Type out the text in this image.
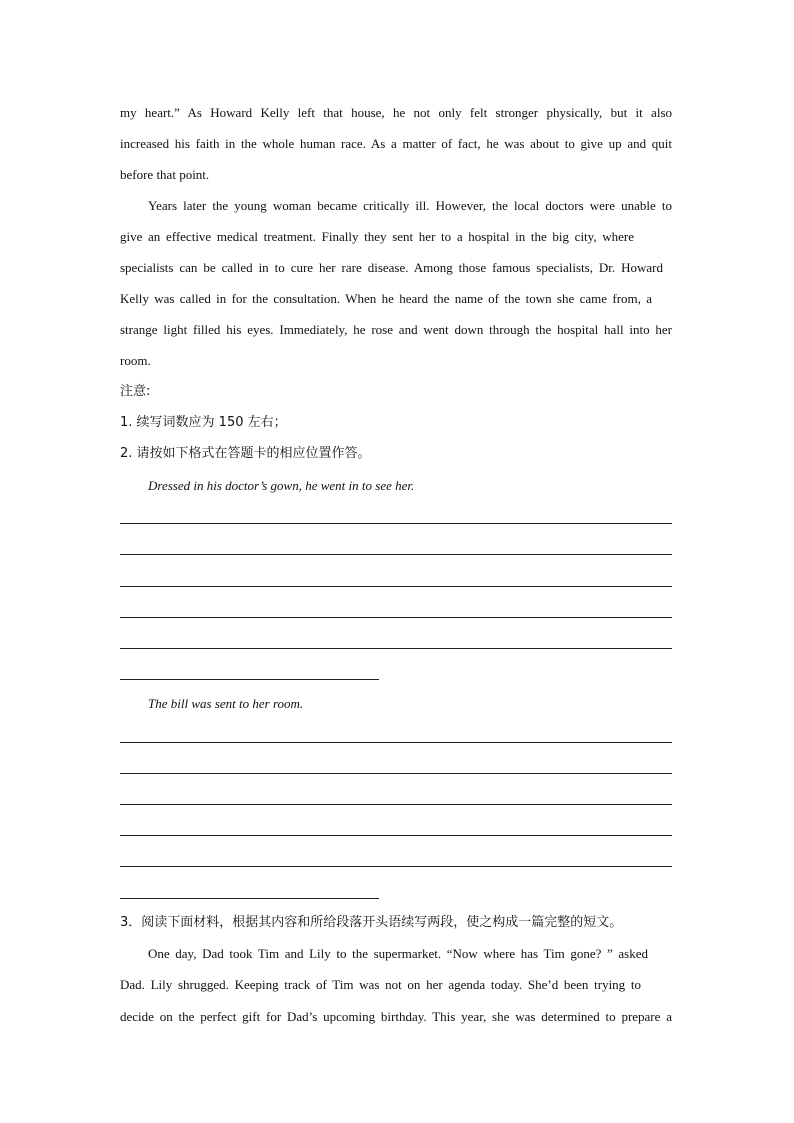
my heart.” As Howard Kelly left that house, he not only felt stronger physically, but it also
increased his faith in the whole human race. As a matter of fact, he was about to give up and quit
before that point.
Years later the young woman became critically ill. However, the local doctors were unable to
give an effective medical treatment. Finally they sent her to a hospital in the big city, where
specialists can be called in to cure her rare disease. Among those famous specialists, Dr. Howard
Kelly was called in for the consultation. When he heard the name of the town she came from, a
strange light filled his eyes. Immediately, he rose and went down through the hospital hall into her
room.
注意:
1. 续写词数应为 150 左右；
2. 请按如下格式在答题卡的相应位置作答。
Dressed in his doctor’s gown, he went in to see her.
The bill was sent to her room.
3．阅读下面材料，根据其内容和所给段落开头语续写两段，使之构成一篇完整的短文。
One day, Dad took Tim and Lily to the supermarket. “Now where has Tim gone? ” asked
Dad. Lily shrugged. Keeping track of Tim was not on her agenda today. She’d been trying to
decide on the perfect gift for Dad’s upcoming birthday. This year, she was determined to prepare a
